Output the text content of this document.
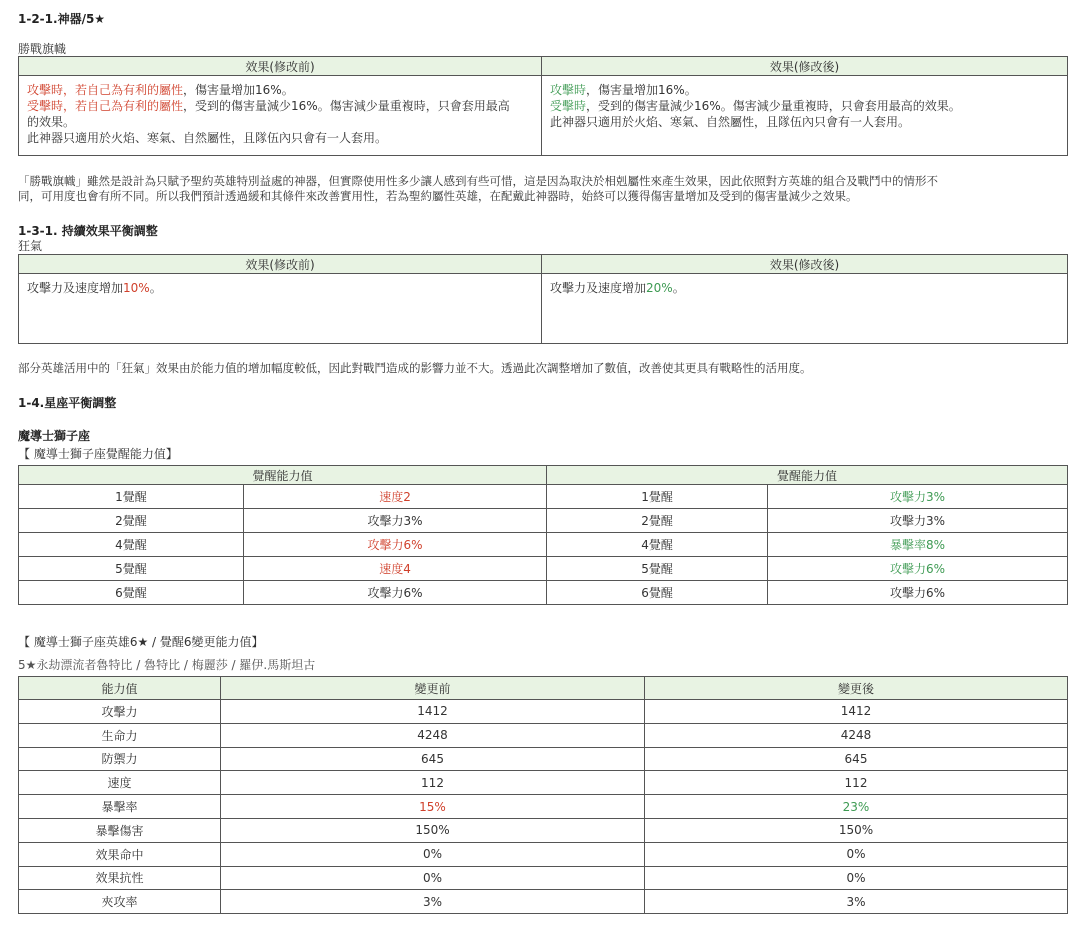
1-2-1.神器/5★
勝戰旗幟
效果(修改前)	效果(修改後)

攻擊時，若自己為有利的屬性，傷害量增加16%。
受擊時，若自己為有利的屬性，受到的傷害量減少16%。傷害減少量重複時，只會套用最高
的效果。
此神器只適用於火焰、寒氣、自然屬性，且隊伍內只會有一人套用。	攻擊時，傷害量增加16%。
受擊時，受到的傷害量減少16%。傷害減少量重複時，只會套用最高的效果。
此神器只適用於火焰、寒氣、自然屬性，且隊伍內只會有一人套用。
「勝戰旗幟」雖然是設計為只賦予聖約英雄特別益處的神器，但實際使用性多少讓人感到有些可惜，這是因為取決於相剋屬性來產生效果，因此依照對方英雄的組合及戰鬥中的情形不
同，可用度也會有所不同。所以我們預計透過緩和其條件來改善實用性，若為聖約屬性英雄，在配戴此神器時，始終可以獲得傷害量增加及受到的傷害量減少之效果。
1-3-1. 持續效果平衡調整
狂氣
效果(修改前)	效果(修改後)
攻擊力及速度增加10%。	攻擊力及速度增加20%。
部分英雄活用中的「狂氣」效果由於能力值的增加幅度較低，因此對戰鬥造成的影響力並不大。透過此次調整增加了數值，改善使其更具有戰略性的活用度。
1-4.星座平衡調整
魔導士獅子座
【 魔導士獅子座覺醒能力值】
覺醒能力值		覺醒能力值	
1覺醒	速度2	1覺醒	攻擊力3%
2覺醒	攻擊力3%	2覺醒	攻擊力3%
4覺醒	攻擊力6%	4覺醒	暴擊率8%
5覺醒	速度4	5覺醒	攻擊力6%
6覺醒	攻擊力6%	6覺醒	攻擊力6%
【 魔導士獅子座英雄6★ / 覺醒6變更能力值】
5★永劫漂流者魯特比 / 魯特比 / 梅麗莎 / 羅伊.馬斯坦古
能力值	變更前	變更後
攻擊力	1412	1412
生命力	4248	4248
防禦力	645	645
速度	112	112
暴擊率	15%	23%
暴擊傷害	150%	150%
效果命中	0%	0%
效果抗性	0%	0%
夾攻率	3%	3%
